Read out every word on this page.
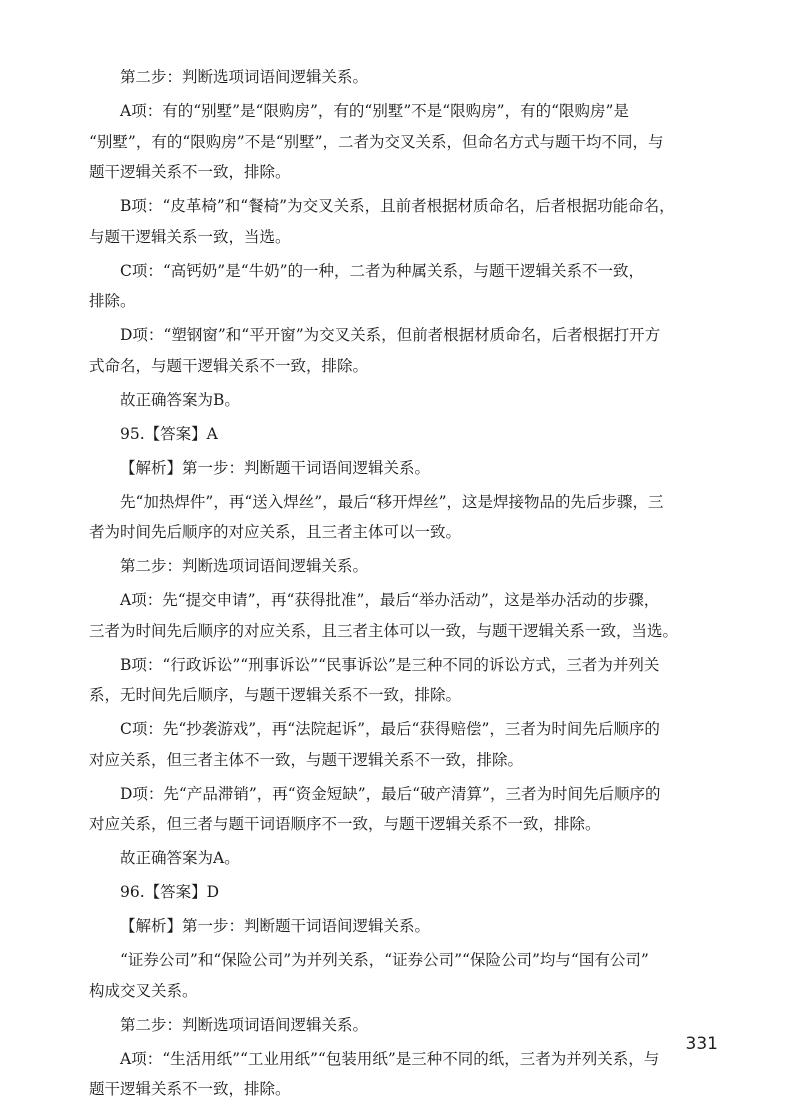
第二步：判断选项词语间逻辑关系。
A项：有的“别墅”是“限购房”，有的“别墅”不是“限购房”，有的“限购房”是
“别墅”，有的“限购房”不是“别墅”，二者为交叉关系，但命名方式与题干均不同，与
题干逻辑关系不一致，排除。
B项：“皮革椅”和“餐椅”为交叉关系，且前者根据材质命名，后者根据功能命名，
与题干逻辑关系一致，当选。
C项：“高钙奶”是“牛奶”的一种，二者为种属关系，与题干逻辑关系不一致，
排除。
D项：“塑钢窗”和“平开窗”为交叉关系，但前者根据材质命名，后者根据打开方
式命名，与题干逻辑关系不一致，排除。
故正确答案为B。
95.【答案】A
【解析】第一步：判断题干词语间逻辑关系。
先“加热焊件”，再“送入焊丝”，最后“移开焊丝”，这是焊接物品的先后步骤，三
者为时间先后顺序的对应关系，且三者主体可以一致。
第二步：判断选项词语间逻辑关系。
A项：先“提交申请”，再“获得批准”，最后“举办活动”，这是举办活动的步骤，
三者为时间先后顺序的对应关系，且三者主体可以一致，与题干逻辑关系一致，当选。
B项：“行政诉讼”“刑事诉讼”“民事诉讼”是三种不同的诉讼方式，三者为并列关
系，无时间先后顺序，与题干逻辑关系不一致，排除。
C项：先“抄袭游戏”，再“法院起诉”，最后“获得赔偿”，三者为时间先后顺序的
对应关系，但三者主体不一致，与题干逻辑关系不一致，排除。
D项：先“产品滞销”，再“资金短缺”，最后“破产清算”，三者为时间先后顺序的
对应关系，但三者与题干词语顺序不一致，与题干逻辑关系不一致，排除。
故正确答案为A。
96.【答案】D
【解析】第一步：判断题干词语间逻辑关系。
“证券公司”和“保险公司”为并列关系，“证券公司”“保险公司”均与“国有公司”
构成交叉关系。
第二步：判断选项词语间逻辑关系。
A项：“生活用纸”“工业用纸”“包装用纸”是三种不同的纸，三者为并列关系，与
题干逻辑关系不一致，排除。
331
